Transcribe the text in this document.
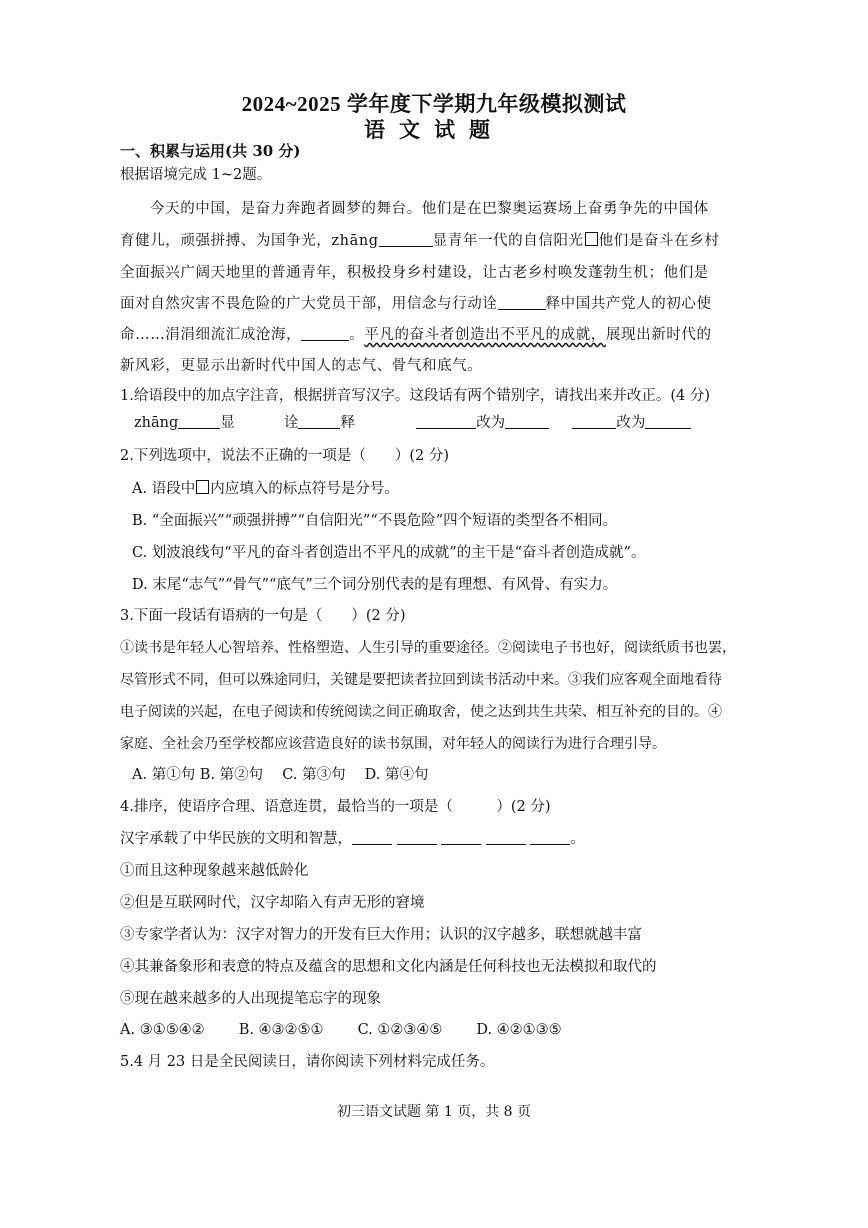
2024~2025 学年度下学期九年级模拟测试
语文试题
一、积累与运用(共 30 分)
根据语境完成 1~2题。
今天的中国，是奋力奔跑者圆梦的舞台。他们是在巴黎奥运赛场上奋勇争先的中国体
育健儿，顽强拼搏、为国争光，zhāng	显青年一代的自信阳光 他们是奋斗在乡村
全面振兴广阔天地里的普通青年，积极投身乡村建设，让古老乡村唤发蓬勃生机；他们是
面对自然灾害不畏危险的广大党员干部，用信念与行动诠	释中国共产党人的初心使
命……涓涓细流汇成沧海，	。平凡的奋斗者创造出不平凡的成就，展现出新时代的
新风彩，更显示出新时代中国人的志气、骨气和底气。
1.给语段中的加点字注音，根据拼音写汉字。这段话有两个错别字，请找出来并改正。(4 分)
zhāng	显	诠	释	改为	改为
2.下列选项中，说法不正确的一项是（　　）(2 分)
A. 语段中 内应填入的标点符号是分号。
B. “全面振兴”“顽强拼搏”“自信阳光”“不畏危险”四个短语的类型各不相同。
C. 划波浪线句“平凡的奋斗者创造出不平凡的成就”的主干是“奋斗者创造成就”。
D. 末尾“志气”“骨气”“底气”三个词分别代表的是有理想、有风骨、有实力。
3.下面一段话有语病的一句是（　　）(2 分)
①读书是年轻人心智培养、性格塑造、人生引导的重要途径。②阅读电子书也好，阅读纸质书也罢，
尽管形式不同，但可以殊途同归，关键是要把读者拉回到读书活动中来。③我们应客观全面地看待
电子阅读的兴起，在电子阅读和传统阅读之间正确取舍，使之达到共生共荣、相互补充的目的。④
家庭、全社会乃至学校都应该营造良好的读书氛围，对年轻人的阅读行为进行合理引导。
A. 第①句 B. 第②句　 C. 第③句　 D. 第④句
4.排序，使语序合理、语意连贯，最恰当的一项是（　　　）(2 分)
汉字承载了中华民族的文明和智慧，	。
①而且这种现象越来越低龄化
②但是互联网时代，汉字却陷入有声无形的窘境
③专家学者认为：汉字对智力的开发有巨大作用；认识的汉字越多，联想就越丰富
④其兼备象形和表意的特点及蕴含的思想和文化内涵是任何科技也无法模拟和取代的
⑤现在越来越多的人出现提笔忘字的现象
A. ③①⑤④② B. ④③②⑤① C. ①②③④⑤ D. ④②①③⑤
5.4 月 23 日是全民阅读日，请你阅读下列材料完成任务。
初三语文试题 第 1 页，共 8 页
